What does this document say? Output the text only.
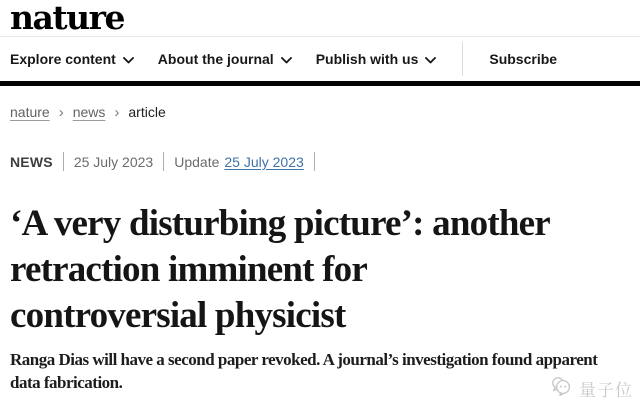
nature
Explore content	About the journal	Publish with us	Subscribe
nature › news › article
NEWS 25 July 2023 Update 25 July 2023
‘A very disturbing picture’: another
retraction imminent for
controversial physicist

Ranga Dias will have a second paper revoked. A journal’s investigation found apparent
data fabrication.	量子位
